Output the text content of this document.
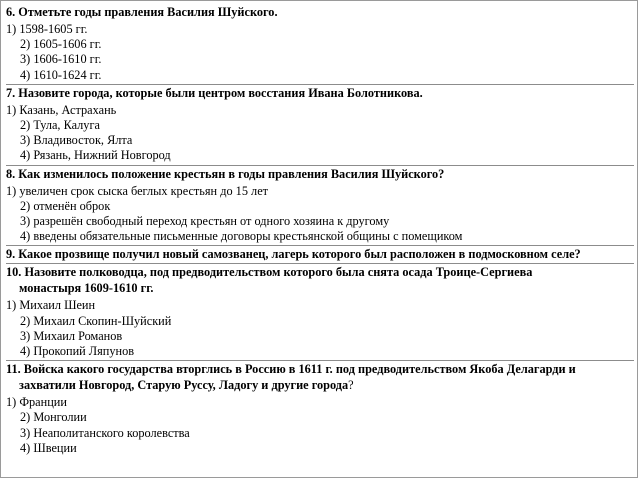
6. Отметьте годы правления Василия Шуйского.
1) 1598-1605 гг.
2) 1605-1606 гг.
3) 1606-1610 гг.
4) 1610-1624 гг.
7. Назовите города, которые были центром восстания Ивана Болотникова.
1) Казань, Астрахань
2) Тула, Калуга
3) Владивосток, Ялта
4) Рязань, Нижний Новгород
8. Как изменилось положение крестьян в годы правления Василия Шуйского?
1) увеличен срок сыска беглых крестьян до 15 лет
2) отменён оброк
3) разрешён свободный переход крестьян от одного хозяина к другому
4) введены обязательные письменные договоры крестьянской общины с помещиком
9. Какое прозвище получил новый самозванец, лагерь которого был расположен в подмосковном селе?
10. Назовите полководца, под предводительством которого была снята осада Троице-Сергиева
монастыря 1609-1610 гг.
1) Михаил Шеин
2) Михаил Скопин-Шуйский
3) Михаил Романов
4) Прокопий Ляпунов
11. Войска какого государства вторглись в Россию в 1611 г. под предводительством Якоба Делагарди и
захватили Новгород, Старую Руссу, Ладогу и другие города?
1) Франции
2) Монголии
3) Неаполитанского королевства
4) Швеции
